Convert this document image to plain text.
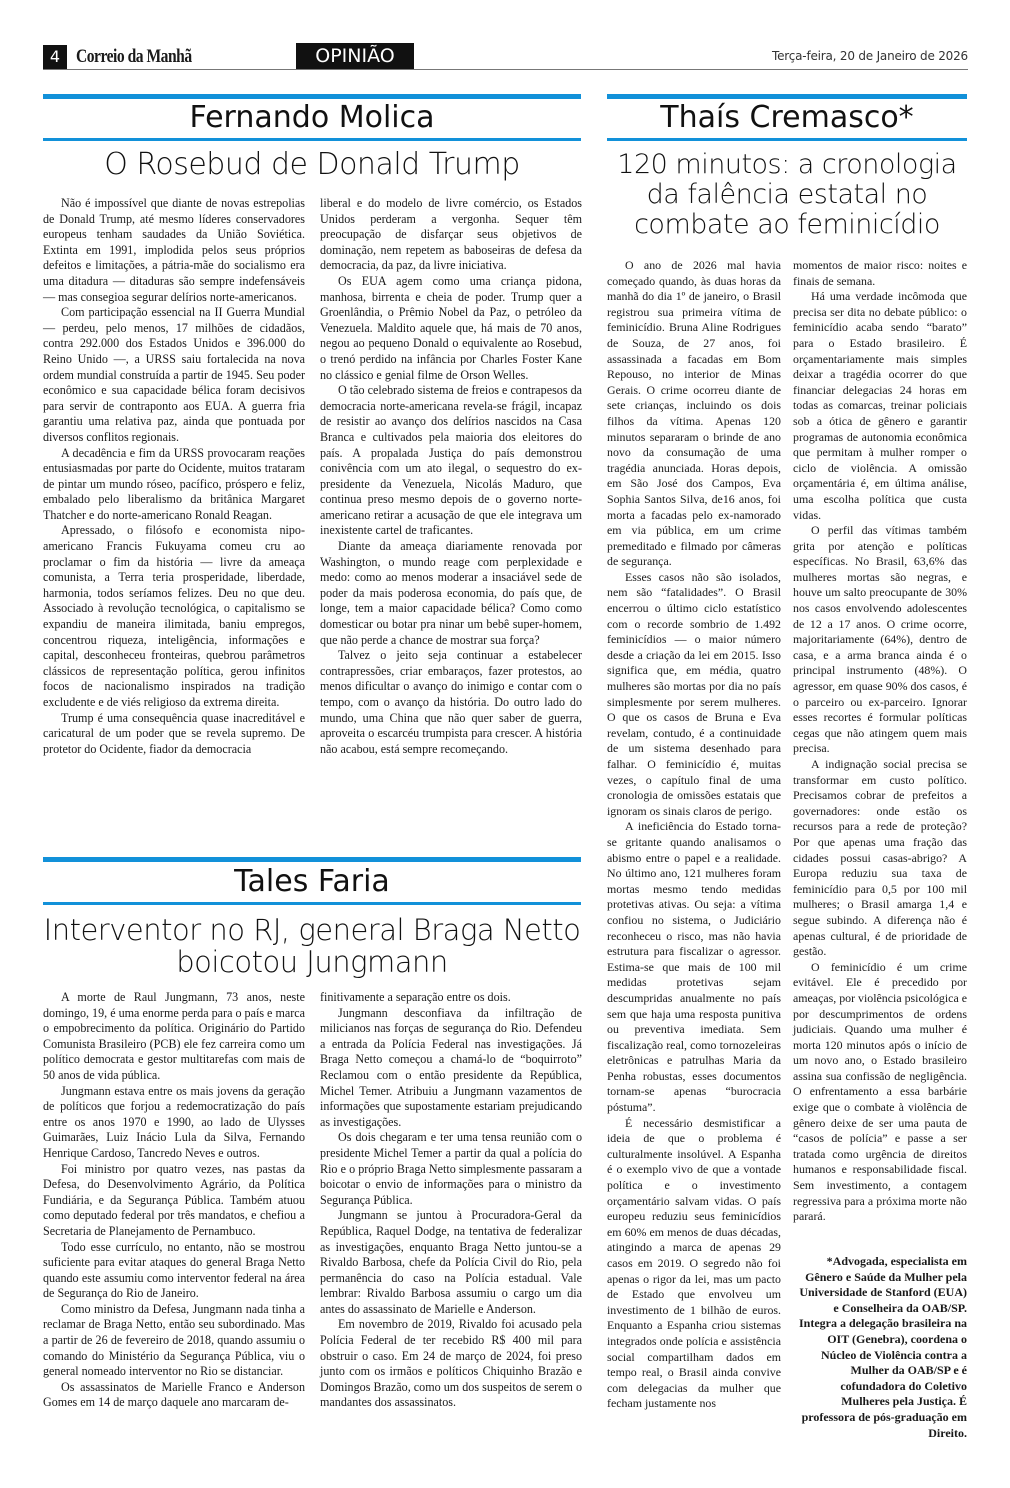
4 Correio da Manhã	OPINIÃO	Terça-feira, 20 de Janeiro de 2026
Fernando Molica
O Rosebud de Donald Trump

Não é impossível que diante de novas estrepolias de Donald Trump, até mesmo líderes conservadores europeus tenham saudades da União Soviética. Extinta em 1991, implodida pelos seus próprios defeitos e limitações, a pátria-mãe do socialismo era uma ditadura — ditaduras são sempre indefensáveis — mas consegioa segurar delírios norte-americanos.

Com participação essencial na II Guerra Mundial — perdeu, pelo menos, 17 milhões de cidadãos, contra 292.000 dos Estados Unidos e 396.000 do Reino Unido —, a URSS saiu fortalecida na nova ordem mundial construída a partir de 1945. Seu poder econômico e sua capacidade bélica foram decisivos para servir de contraponto aos EUA. A guerra fria garantiu uma relativa paz, ainda que pontuada por diversos conflitos regionais.

A decadência e fim da URSS provocaram reações entusiasmadas por parte do Ocidente, muitos trataram de pintar um mundo róseo, pacífico, próspero e feliz, embalado pelo liberalismo da britânica Margaret Thatcher e do norte-americano Ronald Reagan.

Apressado, o filósofo e economista nipo-americano Francis Fukuyama comeu cru ao proclamar o fim da história — livre da ameaça comunista, a Terra teria prosperidade, liberdade, harmonia, todos seríamos felizes. Deu no que deu. Associado à revolução tecnológica, o capitalismo se expandiu de maneira ilimitada, baniu empregos, concentrou riqueza, inteligência, informações e capital, desconheceu fronteiras, quebrou parâmetros clássicos de representação política, gerou infinitos focos de nacionalismo inspirados na tradição excludente e de viés religioso da extrema direita.

Trump é uma consequência quase inacreditável e caricatural de um poder que se revela supremo. De protetor do Ocidente, fiador da democracia

liberal e do modelo de livre comércio, os Estados Unidos perderam a vergonha. Sequer têm preocupação de disfarçar seus objetivos de dominação, nem repetem as baboseiras de defesa da democracia, da paz, da livre iniciativa.

Os EUA agem como uma criança pidona, manhosa, birrenta e cheia de poder. Trump quer a Groenlândia, o Prêmio Nobel da Paz, o petróleo da Venezuela. Maldito aquele que, há mais de 70 anos, negou ao pequeno Donald o equivalente ao Rosebud, o trenó perdido na infância por Charles Foster Kane no clássico e genial filme de Orson Welles.

O tão celebrado sistema de freios e contrapesos da democracia norte-americana revela-se frágil, incapaz de resistir ao avanço dos delírios nascidos na Casa Branca e cultivados pela maioria dos eleitores do país. A propalada Justiça do país demonstrou conivência com um ato ilegal, o sequestro do ex-presidente da Venezuela, Nicolás Maduro, que continua preso mesmo depois de o governo norte-americano retirar a acusação de que ele integrava um inexistente cartel de traficantes.

Diante da ameaça diariamente renovada por Washington, o mundo reage com perplexidade e medo: como ao menos moderar a insaciável sede de poder da mais poderosa economia, do país que, de longe, tem a maior capacidade bélica? Como como domesticar ou botar pra ninar um bebê super-homem, que não perde a chance de mostrar sua força?

Talvez o jeito seja continuar a estabelecer contrapressões, criar embaraços, fazer protestos, ao menos dificultar o avanço do inimigo e contar com o tempo, com o avanço da história. Do outro lado do mundo, uma China que não quer saber de guerra, aproveita o escarcéu trumpista para crescer. A história não acabou, está sempre recomeçando.

Tales Faria
Interventor no RJ, general Braga Netto boicotou Jungmann

A morte de Raul Jungmann, 73 anos, neste domingo, 19, é uma enorme perda para o país e marca o empobrecimento da política. Originário do Partido Comunista Brasileiro (PCB) ele fez carreira como um político democrata e gestor multitarefas com mais de 50 anos de vida pública.

Jungmann estava entre os mais jovens da geração de políticos que forjou a redemocratização do país entre os anos 1970 e 1990, ao lado de Ulysses Guimarães, Luiz Inácio Lula da Silva, Fernando Henrique Cardoso, Tancredo Neves e outros.

Foi ministro por quatro vezes, nas pastas da Defesa, do Desenvolvimento Agrário, da Política Fundiária, e da Segurança Pública. Também atuou como deputado federal por três mandatos, e chefiou a Secretaria de Planejamento de Pernambuco.

Todo esse currículo, no entanto, não se mostrou suficiente para evitar ataques do general Braga Netto quando este assumiu como interventor federal na área de Segurança do Rio de Janeiro.

Como ministro da Defesa, Jungmann nada tinha a reclamar de Braga Netto, então seu subordinado. Mas a partir de 26 de fevereiro de 2018, quando assumiu o comando do Ministério da Segurança Pública, viu o general nomeado interventor no Rio se distanciar.

Os assassinatos de Marielle Franco e Anderson Gomes em 14 de março daquele ano marcaram de-

finitivamente a separação entre os dois.

Jungmann desconfiava da infiltração de milicianos nas forças de segurança do Rio. Defendeu a entrada da Polícia Federal nas investigações. Já Braga Netto começou a chamá-lo de “boquirroto” Reclamou com o então presidente da República, Michel Temer. Atribuiu a Jungmann vazamentos de informações que supostamente estariam prejudicando as investigações.

Os dois chegaram e ter uma tensa reunião com o presidente Michel Temer a partir da qual a polícia do Rio e o próprio Braga Netto simplesmente passaram a boicotar o envio de informações para o ministro da Segurança Pública.

Jungmann se juntou à Procuradora-Geral da República, Raquel Dodge, na tentativa de federalizar as investigações, enquanto Braga Netto juntou-se a Rivaldo Barbosa, chefe da Polícia Civil do Rio, pela permanência do caso na Polícia estadual. Vale lembrar: Rivaldo Barbosa assumiu o cargo um dia antes do assassinato de Marielle e Anderson.

Em novembro de 2019, Rivaldo foi acusado pela Polícia Federal de ter recebido R$ 400 mil para obstruir o caso. Em 24 de março de 2024, foi preso junto com os irmãos e políticos Chiquinho Brazão e Domingos Brazão, como um dos suspeitos de serem o mandantes dos assassinatos.

Thaís Cremasco*
120 minutos: a cronologia da falência estatal no combate ao feminicídio

O ano de 2026 mal havia começado quando, às duas horas da manhã do dia 1º de janeiro, o Brasil registrou sua primeira vítima de feminicídio. Bruna Aline Rodrigues de Souza, de 27 anos, foi assassinada a facadas em Bom Repouso, no interior de Minas Gerais. O crime ocorreu diante de sete crianças, incluindo os dois filhos da vítima. Apenas 120 minutos separaram o brinde de ano novo da consumação de uma tragédia anunciada. Horas depois, em São José dos Campos, Eva Sophia Santos Silva, de16 anos, foi morta a facadas pelo ex-namorado em via pública, em um crime premeditado e filmado por câmeras de segurança.

Esses casos não são isolados, nem são “fatalidades”. O Brasil encerrou o último ciclo estatístico com o recorde sombrio de 1.492 feminicídios — o maior número desde a criação da lei em 2015. Isso significa que, em média, quatro mulheres são mortas por dia no país simplesmente por serem mulheres. O que os casos de Bruna e Eva revelam, contudo, é a continuidade de um sistema desenhado para falhar. O feminicídio é, muitas vezes, o capítulo final de uma cronologia de omissões estatais que ignoram os sinais claros de perigo.

A ineficiência do Estado torna-se gritante quando analisamos o abismo entre o papel e a realidade. No último ano, 121 mulheres foram mortas mesmo tendo medidas protetivas ativas. Ou seja: a vítima confiou no sistema, o Judiciário reconheceu o risco, mas não havia estrutura para fiscalizar o agressor. Estima-se que mais de 100 mil medidas protetivas sejam descumpridas anualmente no país sem que haja uma resposta punitiva ou preventiva imediata. Sem fiscalização real, como tornozeleiras eletrônicas e patrulhas Maria da Penha robustas, esses documentos tornam-se apenas “burocracia póstuma”.

É necessário desmistificar a ideia de que o problema é culturalmente insolúvel. A Espanha é o exemplo vivo de que a vontade política e o investimento orçamentário salvam vidas. O país europeu reduziu seus feminicídios em 60% em menos de duas décadas, atingindo a marca de apenas 29 casos em 2019. O segredo não foi apenas o rigor da lei, mas um pacto de Estado que envolveu um investimento de 1 bilhão de euros. Enquanto a Espanha criou sistemas integrados onde polícia e assistência social compartilham dados em tempo real, o Brasil ainda convive com delegacias da mulher que fecham justamente nos

momentos de maior risco: noites e finais de semana.

Há uma verdade incômoda que precisa ser dita no debate público: o feminicídio acaba sendo “barato” para o Estado brasileiro. É orçamentariamente mais simples deixar a tragédia ocorrer do que financiar delegacias 24 horas em todas as comarcas, treinar policiais sob a ótica de gênero e garantir programas de autonomia econômica que permitam à mulher romper o ciclo de violência. A omissão orçamentária é, em última análise, uma escolha política que custa vidas.

O perfil das vítimas também grita por atenção e políticas específicas. No Brasil, 63,6% das mulheres mortas são negras, e houve um salto preocupante de 30% nos casos envolvendo adolescentes de 12 a 17 anos. O crime ocorre, majoritariamente (64%), dentro de casa, e a arma branca ainda é o principal instrumento (48%). O agressor, em quase 90% dos casos, é o parceiro ou ex-parceiro. Ignorar esses recortes é formular políticas cegas que não atingem quem mais precisa.

A indignação social precisa se transformar em custo político. Precisamos cobrar de prefeitos a governadores: onde estão os recursos para a rede de proteção? Por que apenas uma fração das cidades possui casas-abrigo? A Europa reduziu sua taxa de feminicídio para 0,5 por 100 mil mulheres; o Brasil amarga 1,4 e segue subindo. A diferença não é apenas cultural, é de prioridade de gestão.

O feminicídio é um crime evitável. Ele é precedido por ameaças, por violência psicológica e por descumprimentos de ordens judiciais. Quando uma mulher é morta 120 minutos após o início de um novo ano, o Estado brasileiro assina sua confissão de negligência. O enfrentamento a essa barbárie exige que o combate à violência de gênero deixe de ser uma pauta de “casos de polícia” e passe a ser tratada como urgência de direitos humanos e responsabilidade fiscal. Sem investimento, a contagem regressiva para a próxima morte não parará.

*Advogada, especialista em Gênero e Saúde da Mulher pela Universidade de Stanford (EUA) e Conselheira da OAB/SP. Integra a delegação brasileira na OIT (Genebra), coordena o Núcleo de Violência contra a Mulher da OAB/SP e é cofundadora do Coletivo Mulheres pela Justiça. É professora de pós-graduação em Direito.
